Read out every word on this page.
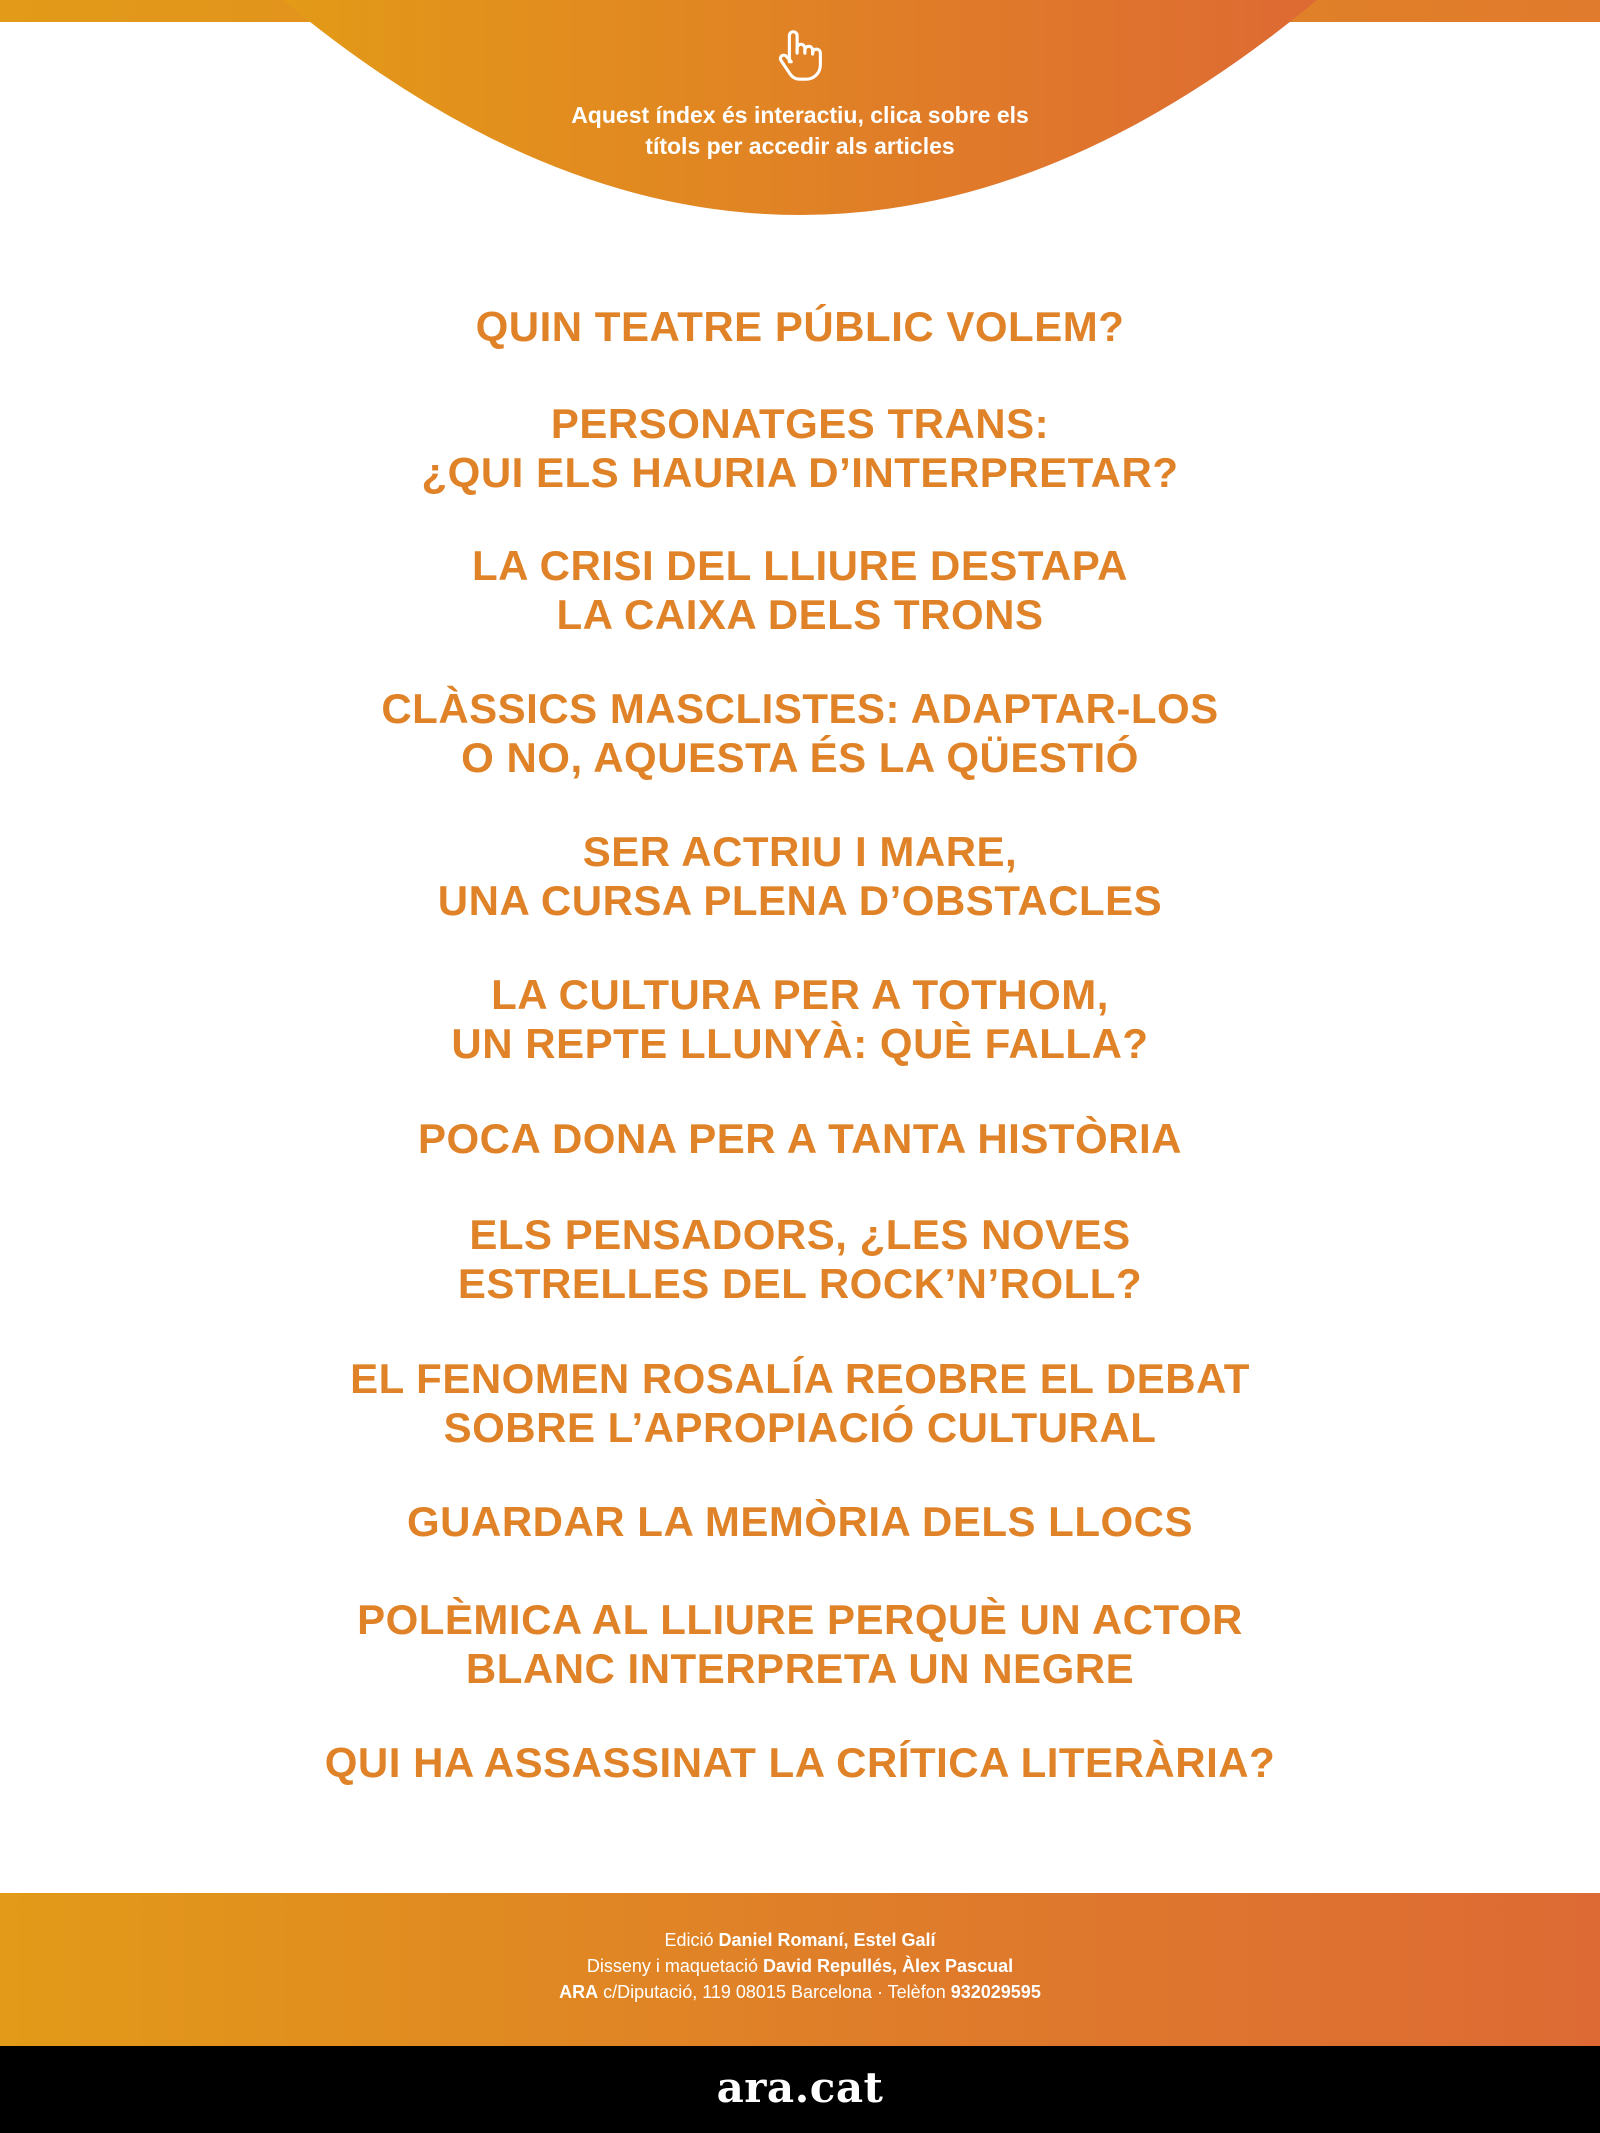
Aquest índex és interactiu, clica sobre els
títols per accedir als articles
QUIN TEATRE PÚBLIC VOLEM?
PERSONATGES TRANS:
¿QUI ELS HAURIA D’INTERPRETAR?
LA CRISI DEL LLIURE DESTAPA
LA CAIXA DELS TRONS
CLÀSSICS MASCLISTES: ADAPTAR-LOS
O NO, AQUESTA ÉS LA QÜESTIÓ
SER ACTRIU I MARE,
UNA CURSA PLENA D’OBSTACLES
LA CULTURA PER A TOTHOM,
UN REPTE LLUNYÀ: QUÈ FALLA?
POCA DONA PER A TANTA HISTÒRIA
ELS PENSADORS, ¿LES NOVES
ESTRELLES DEL ROCK’N’ROLL?
EL FENOMEN ROSALÍA REOBRE EL DEBAT
SOBRE L’APROPIACIÓ CULTURAL
GUARDAR LA MEMÒRIA DELS LLOCS
POLÈMICA AL LLIURE PERQUÈ UN ACTOR
BLANC INTERPRETA UN NEGRE
QUI HA ASSASSINAT LA CRÍTICA LITERÀRIA?
Edició Daniel Romaní, Estel Galí
Disseny i maquetació David Repullés, Àlex Pascual
ARA c/Diputació, 119 08015 Barcelona · Telèfon 932029595
ara.cat
